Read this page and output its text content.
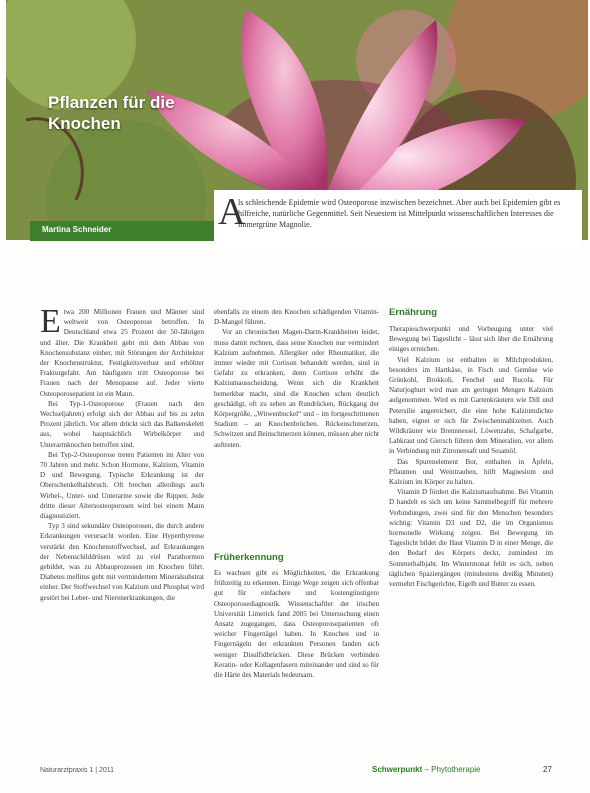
Pflanzen für die Knochen
Martina Schneider	A
ls schleichende Epidemie wird Osteoporose inzwischen bezeichnet. Aber auch bei Epidemien gibt es hilfreiche, natürliche Gegenmittel. Seit Neuestem ist Mittelpunkt wissenschaftlichen Interesses die immergrüne Magnolie.

Etwa 200 Millionen Frauen und Männer sind weltweit von Osteoporose betroffen. In Deutschland etwa 25 Prozent der 50-Jährigen und älter. Die Krankheit geht mit dem Abbau von Knochensubstanz einher, mit Störungen der Architektur der Knochenstruktur, Festigkeitsverlust und erhöhter Frakturgefahr. Am häufigsten tritt Osteoporose bei Frauen nach der Menopause auf. Jeder vierte Osteoporosepatient ist ein Mann.

Bei Typ-1-Osteoporose (Frauen nach den Wechseljahren) erfolgt sich der Abbau auf bis zu zehn Prozent jährlich. Vor allem drückt sich das Balkenskelett aus, wobei hauptsächlich Wirbelkörper und Unterarmknochen betroffen sind.

Bei Typ-2-Osteoporose treten Patienten im Alter von 70 Jahren und mehr. Schon Hormone, Kalzium, Vitamin D und Bewegung. Typische Erkrankung ist der Oberschenkelhalsbruch. Oft brechen allerdings auch Wirbel-, Unter- und Unterarme sowie die Rippen. Jede dritte dieser Altersosteoporosen wird bei einem Mann diagnostiziert.

Typ 3 sind sekundäre Osteoporosen, die durch andere Erkrankungen verursacht worden. Eine Hyperthyreose verstärkt den Knochenstoffwechsel, auf Erkrankungen der Nebenschilddrüsen wird zu viel Parathormon gebildet, was zu Abbauprozessen im Knochen führt. Diabetes mellitus geht mit vermindertem Mineralsubstrat einher. Der Stoffwechsel von Kalzium und Phosphat wird gestört bei Leber- und Nierenerkrankungen, die

ebenfalls zu einem den Knochen schädigenden Vitamin-D-Mangel führen.

Vor an chronischen Magen-Darm-Krankheiten leidet, muss damit rechnen, dass seine Knochen nur vermindert Kalzium aufnehmen. Allergiker oder Rheumatiker, die immer wieder mit Cortison behandelt werden, sind in Gefahr zu erkranken, denn Cortison erhöht die Kalziumausscheidung. Wenn sich die Krankheit bemerkbar macht, sind die Knochen schon deutlich geschädigt, oft zu sehen an Rundrücken, Rückgang der Körpergröße, „Witwenbuckel“ und – im fortgeschrittenen Stadium – an Knochenbrüchen. Rückenschmerzen, Schwitzen und Beinschmerzen können, müssen aber nicht auftreten.

Früherkennung

Es wachsen gibt es Möglichkeiten, die Erkrankung frühzeitig zu erkennen. Einige Wege zeigen sich offenbar gut für einfachere und kostengünstigere Osteoporosediagnostik. Wissenschaftler der irischen Universität Limerick fand 2005 bei Untersuchung einen Ansatz zugegangen, dass Osteoporosepatienten oft weicher Fingernägel haben. In Knochen und in Fingernägeln der erkrankten Personen fanden sich weniger Disulfidbrücken. Diese Brücken verbinden Keratin- oder Kollagenfasern miteinander und sind so für die Härte des Materials bedeutsam.

Ernährung

Therapieschwerpunkt und Vorbeugung unter viel Bewegung bei Tageslicht – lässt sich über die Ernährung einiges erreichen.

Viel Kalzium ist enthalten in Milchprodukten, besonders im Hartkäse, in Fisch und Gemüse wie Grünkohl, Brokkoli, Fenchel und Rucola. Für Naturjoghurt wird man am geringen Mengen Kalzium aufgenommen. Wird es mit Gartenkräutern wie Dill und Petersilie angereichert, die eine hohe Kalziumdichte haben, eignet er sich für Zwischenmahlzeiten. Auch Wildkräuter wie Brennnessel, Löwenzahn, Schafgarbe, Labkraut und Giersch führen dem Mineralien, vor allem in Verbindung mit Zitronensaft und Sesamöl.

Das Spurenelement Bor, enthalten in Äpfeln, Pflaumen und Weintrauben, hilft Magnesium und Kalzium im Körper zu halten.

Vitamin D fördert die Kalziumaufnahme. Bei Vitamin D handelt es sich um keine Sammelbegriff für mehrere Verbindungen, zwei sind für den Menschen besonders wichtig: Vitamin D3 und D2, die im Organismus hormonelle Wirkung zeigen. Bei Bewegung im Tageslicht bildet die Haut Vitamin D in einer Menge, die den Bedarf des Körpers deckt, zumindest im Sommerhalbjahr. Im Wintermonat fehlt es sich, neben täglichen Spaziergängen (mindestens dreißig Minuten) vermehrt Fischgerichte, Eigelb und Butter zu essen.

Naturarztpraxis 1 | 2011	Schwerpunkt – Phytotherapie	27
